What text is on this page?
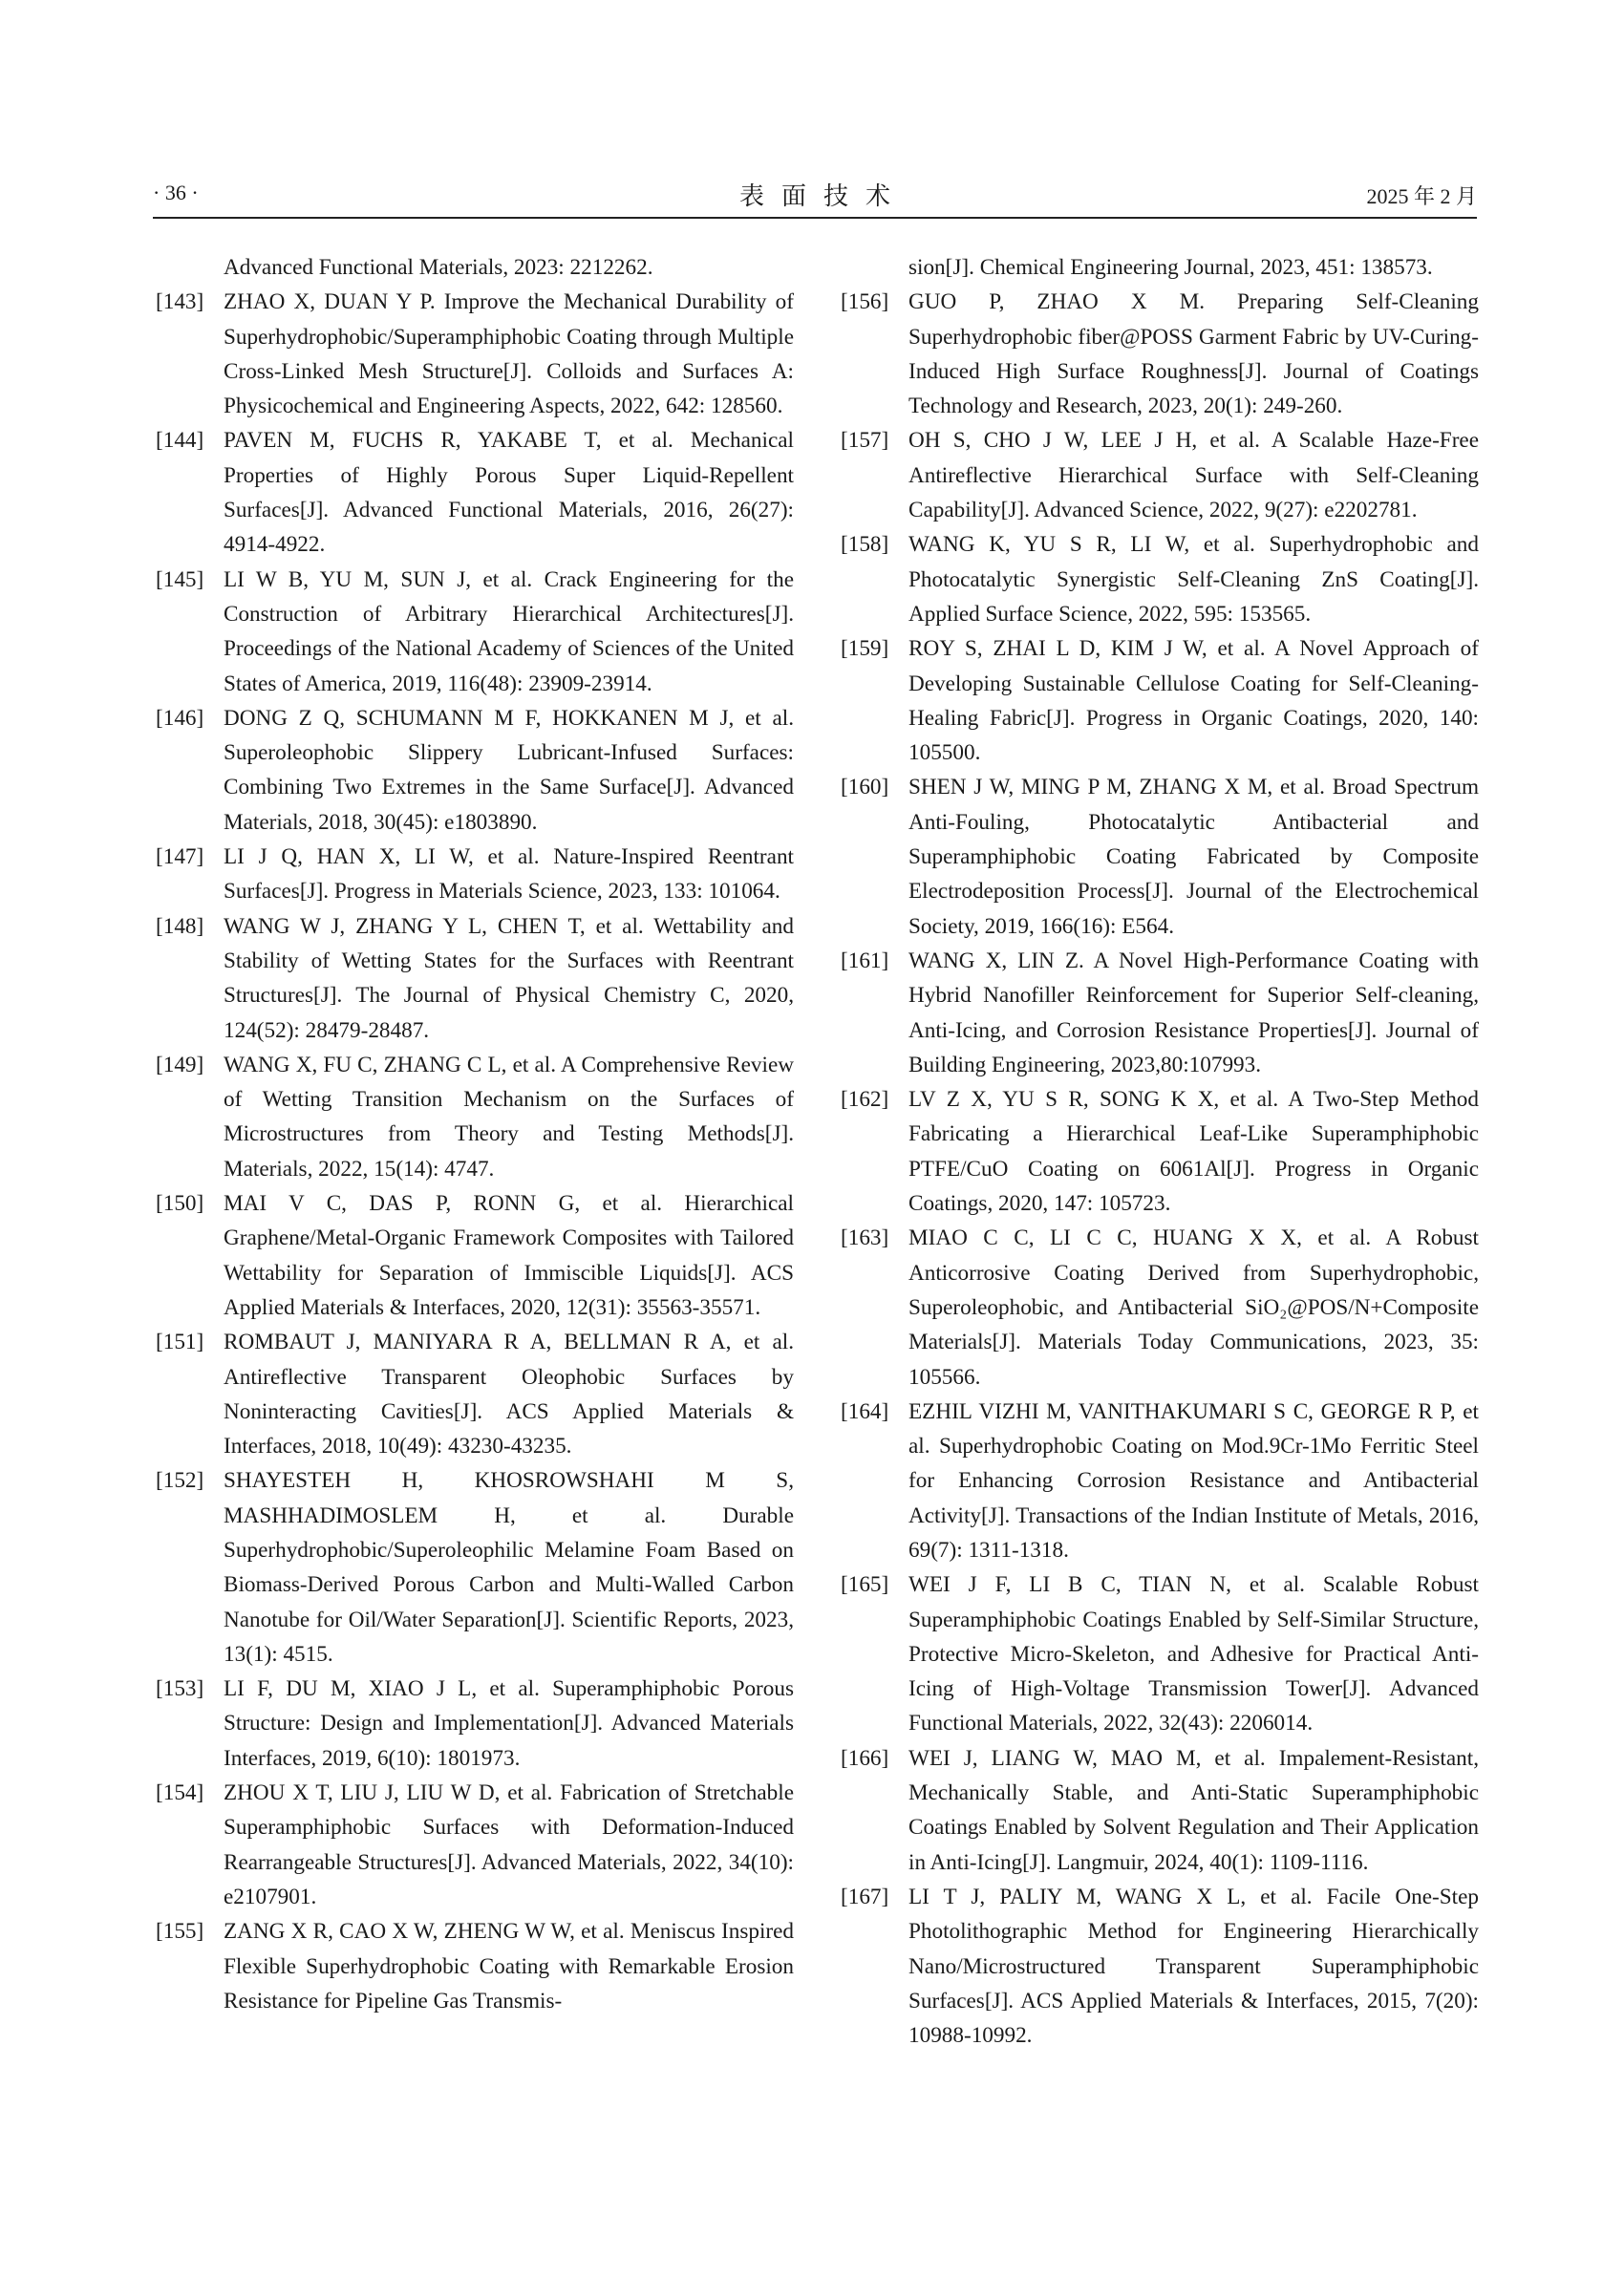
· 36 ·	表面技术	2025 年 2 月
Advanced Functional Materials, 2023: 2212262.
[143] ZHAO X, DUAN Y P. Improve the Mechanical Durability of Superhydrophobic/Superamphiphobic Coating through Multiple Cross-Linked Mesh Structure[J]. Colloids and Surfaces A: Physicochemical and Engineering Aspects, 2022, 642: 128560.
[144] PAVEN M, FUCHS R, YAKABE T, et al. Mechanical Properties of Highly Porous Super Liquid‐Repellent Surfaces[J]. Advanced Functional Materials, 2016, 26(27): 4914-4922.
[145] LI W B, YU M, SUN J, et al. Crack Engineering for the Construction of Arbitrary Hierarchical Architectures[J]. Proceedings of the National Academy of Sciences of the United States of America, 2019, 116(48): 23909-23914.
[146] DONG Z Q, SCHUMANN M F, HOKKANEN M J, et al. Superoleophobic Slippery Lubricant-Infused Surfaces: Combining Two Extremes in the Same Surface[J]. Advanced Materials, 2018, 30(45): e1803890.
[147] LI J Q, HAN X, LI W, et al. Nature-Inspired Reentrant Surfaces[J]. Progress in Materials Science, 2023, 133: 101064.
[148] WANG W J, ZHANG Y L, CHEN T, et al. Wettability and Stability of Wetting States for the Surfaces with Reentrant Structures[J]. The Journal of Physical Chemistry C, 2020, 124(52): 28479-28487.
[149] WANG X, FU C, ZHANG C L, et al. A Comprehensive Review of Wetting Transition Mechanism on the Surfaces of Microstructures from Theory and Testing Methods[J]. Materials, 2022, 15(14): 4747.
[150] MAI V C, DAS P, RONN G, et al. Hierarchical Graphene/Metal-Organic Framework Composites with Tailored Wettability for Separation of Immiscible Liquids[J]. ACS Applied Materials & Interfaces, 2020, 12(31): 35563-35571.
[151] ROMBAUT J, MANIYARA R A, BELLMAN R A, et al. Antireflective Transparent Oleophobic Surfaces by Noninteracting Cavities[J]. ACS Applied Materials & Interfaces, 2018, 10(49): 43230-43235.
[152] SHAYESTEH H, KHOSROWSHAHI M S, MASHHADIMOSLEM H, et al. Durable Superhydrophobic/Superoleophilic Melamine Foam Based on Biomass-Derived Porous Carbon and Multi-Walled Carbon Nanotube for Oil/Water Separation[J]. Scientific Reports, 2023, 13(1): 4515.
[153] LI F, DU M, XIAO J L, et al. Superamphiphobic Porous Structure: Design and Implementation[J]. Advanced Materials Interfaces, 2019, 6(10): 1801973.
[154] ZHOU X T, LIU J, LIU W D, et al. Fabrication of Stretchable Superamphiphobic Surfaces with Deformation-Induced Rearrangeable Structures[J]. Advanced Materials, 2022, 34(10): e2107901.
[155] ZANG X R, CAO X W, ZHENG W W, et al. Meniscus Inspired Flexible Superhydrophobic Coating with Remarkable Erosion Resistance for Pipeline Gas Transmis-
sion[J]. Chemical Engineering Journal, 2023, 451: 138573.
[156] GUO P, ZHAO X M. Preparing Self-Cleaning Superhydrophobic fiber@POSS Garment Fabric by UV-Curing-Induced High Surface Roughness[J]. Journal of Coatings Technology and Research, 2023, 20(1): 249-260.
[157] OH S, CHO J W, LEE J H, et al. A Scalable Haze-Free Antireflective Hierarchical Surface with Self-Cleaning Capability[J]. Advanced Science, 2022, 9(27): e2202781.
[158] WANG K, YU S R, LI W, et al. Superhydrophobic and Photocatalytic Synergistic Self-Cleaning ZnS Coating[J]. Applied Surface Science, 2022, 595: 153565.
[159] ROY S, ZHAI L D, KIM J W, et al. A Novel Approach of Developing Sustainable Cellulose Coating for Self-Cleaning-Healing Fabric[J]. Progress in Organic Coatings, 2020, 140: 105500.
[160] SHEN J W, MING P M, ZHANG X M, et al. Broad Spectrum Anti-Fouling, Photocatalytic Antibacterial and Superamphiphobic Coating Fabricated by Composite Electrodeposition Process[J]. Journal of the Electrochemical Society, 2019, 166(16): E564.
[161] WANG X, LIN Z. A Novel High-Performance Coating with Hybrid Nanofiller Reinforcement for Superior Self-cleaning, Anti-Icing, and Corrosion Resistance Properties[J]. Journal of Building Engineering, 2023,80:107993.
[162] LV Z X, YU S R, SONG K X, et al. A Two-Step Method Fabricating a Hierarchical Leaf-Like Superamphiphobic PTFE/CuO Coating on 6061Al[J]. Progress in Organic Coatings, 2020, 147: 105723.
[163] MIAO C C, LI C C, HUANG X X, et al. A Robust Anticorrosive Coating Derived from Superhydrophobic, Superoleophobic, and Antibacterial SiO₂@POS/N+Composite Materials[J]. Materials Today Communications, 2023, 35: 105566.
[164] EZHIL VIZHI M, VANITHAKUMARI S C, GEORGE R P, et al. Superhydrophobic Coating on Mod.9Cr-1Mo Ferritic Steel for Enhancing Corrosion Resistance and Antibacterial Activity[J]. Transactions of the Indian Institute of Metals, 2016, 69(7): 1311-1318.
[165] WEI J F, LI B C, TIAN N, et al. Scalable Robust Superamphiphobic Coatings Enabled by Self-Similar Structure, Protective Micro-Skeleton, and Adhesive for Practical Anti-Icing of High-Voltage Transmission Tower[J]. Advanced Functional Materials, 2022, 32(43): 2206014.
[166] WEI J, LIANG W, MAO M, et al. Impalement-Resistant, Mechanically Stable, and Anti-Static Superamphiphobic Coatings Enabled by Solvent Regulation and Their Application in Anti-Icing[J]. Langmuir, 2024, 40(1): 1109-1116.
[167] LI T J, PALIY M, WANG X L, et al. Facile One-Step Photolithographic Method for Engineering Hierarchically Nano/Microstructured Transparent Superamphiphobic Surfaces[J]. ACS Applied Materials & Interfaces, 2015, 7(20): 10988-10992.
